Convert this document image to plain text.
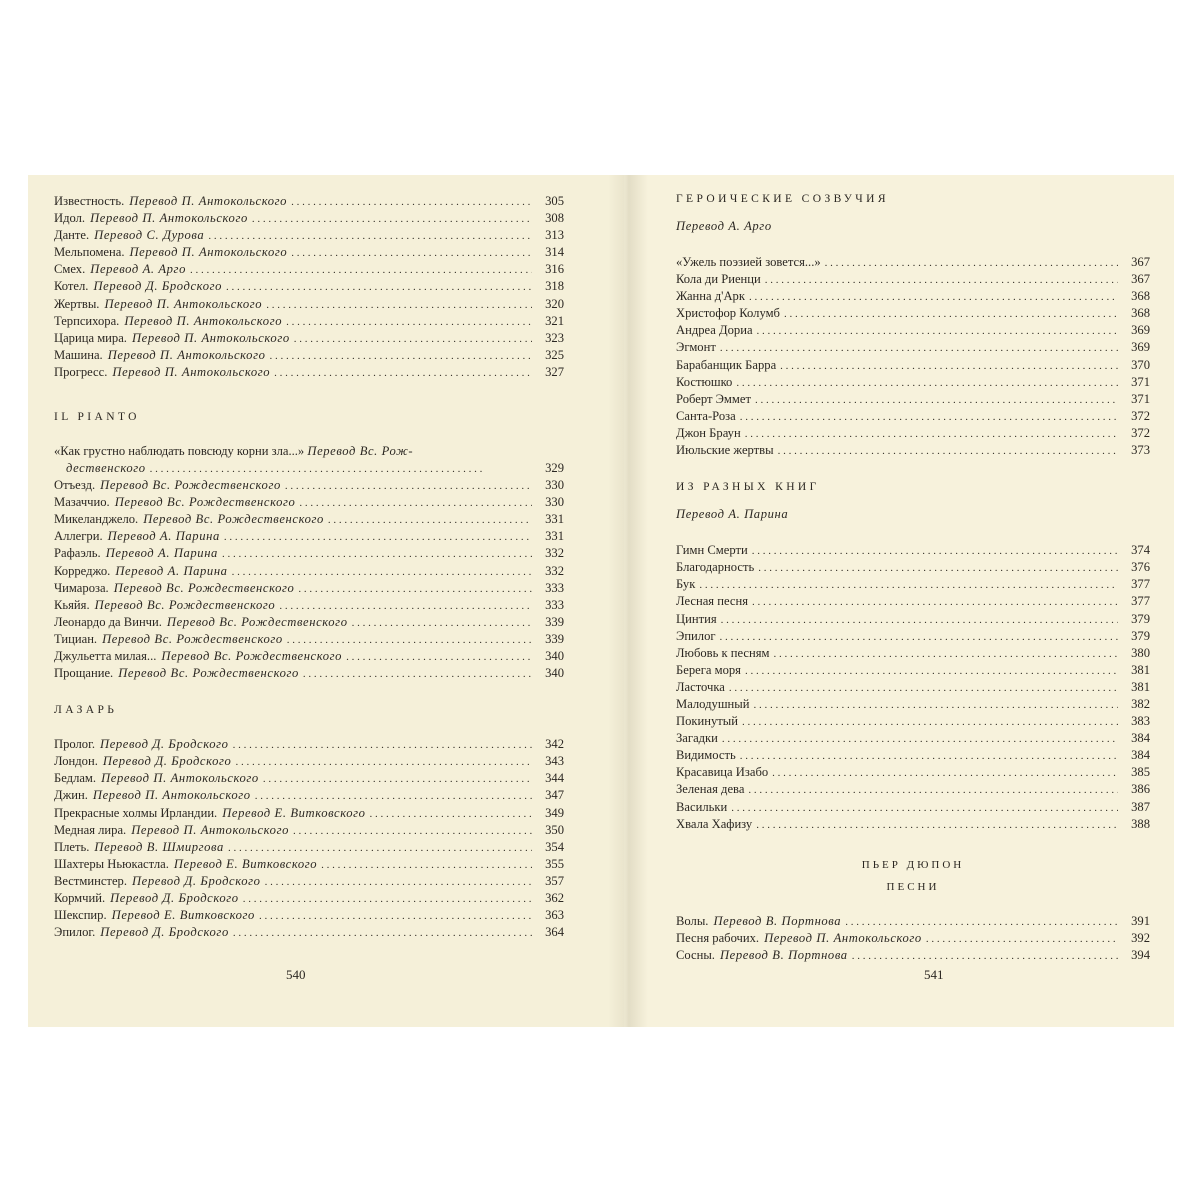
Известность. Перевод П. Антокольского . . .	305
Идол. Перевод П. Антокольского . . .	308
Данте. Перевод С. Дурова . . .	313
Мельпомена. Перевод П. Антокольского . . .	314
Смех. Перевод А. Арго . . .	316
Котел. Перевод Д. Бродского . . .	318
Жертвы. Перевод П. Антокольского . . .	320
Терпсихора. Перевод П. Антокольского . . .	321
Царица мира. Перевод П. Антокольского . . .	323
Машина. Перевод П. Антокольского . . .	325
Прогресс. Перевод П. Антокольского . . .	327
IL PIANTO
«Как грустно наблюдать повсюду корни зла...» Перевод Вс. Рож-
дественского . . .	329
Отъезд. Перевод Вс. Рождественского . . .	330
Мазаччио. Перевод Вс. Рождественского . . .	330
Микеланджело. Перевод Вс. Рождественского . . .	331
Аллегри. Перевод А. Парина . . .	331
Рафаэль. Перевод А. Парина . . .	332
Корреджо. Перевод А. Парина . . .	332
Чимароза. Перевод Вс. Рождественского . . .	333
Кьяйя. Перевод Вс. Рождественского . . .	333
Леонардо да Винчи. Перевод Вс. Рождественского . . .	339
Тициан. Перевод Вс. Рождественского . . .	339
Джульетта милая... Перевод Вс. Рождественского . . .	340
Прощание. Перевод Вс. Рождественского . . .	340
ЛАЗАРЬ
Пролог. Перевод Д. Бродского . . .	342
Лондон. Перевод Д. Бродского . . .	343
Бедлам. Перевод П. Антокольского . . .	344
Джин. Перевод П. Антокольского . . .	347
Прекрасные холмы Ирландии. Перевод Е. Витковского . . .	349
Медная лира. Перевод П. Антокольского . . .	350
Плеть. Перевод В. Шмиргова . . .	354
Шахтеры Ньюкастла. Перевод Е. Витковского . . .	355
Вестминстер. Перевод Д. Бродского . . .	357
Кормчий. Перевод Д. Бродского . . .	362
Шекспир. Перевод Е. Витковского . . .	363
Эпилог. Перевод Д. Бродского . . .	364
540
ГЕРОИЧЕСКИЕ СОЗВУЧИЯ
Перевод А. Арго
«Ужель поэзией зовется...» . . .	367
Кола ди Риенци . . .	367
Жанна д'Арк . . .	368
Христофор Колумб . . .	368
Андреа Дориа . . .	369
Эгмонт . . .	369
Барабанщик Барра . . .	370
Костюшко . . .	371
Роберт Эммет . . .	371
Санта-Роза . . .	372
Джон Браун . . .	372
Июльские жертвы . . .	373
ИЗ РАЗНЫХ КНИГ
Перевод А. Парина
Гимн Смерти . . .	374
Благодарность . . .	376
Бук . . .	377
Лесная песня . . .	377
Цинтия . . .	379
Эпилог . . .	379
Любовь к песням . . .	380
Берега моря . . .	381
Ласточка . . .	381
Малодушный . . .	382
Покинутый . . .	383
Загадки . . .	384
Видимость . . .	384
Красавица Изабо . . .	385
Зеленая дева . . .	386
Васильки . . .	387
Хвала Хафизу . . .	388
ПЬЕР ДЮПОН
ПЕСНИ
Волы. Перевод В. Портнова . . .	391
Песня рабочих. Перевод П. Антокольского . . .	392
Сосны. Перевод В. Портнова . . .	394
541
